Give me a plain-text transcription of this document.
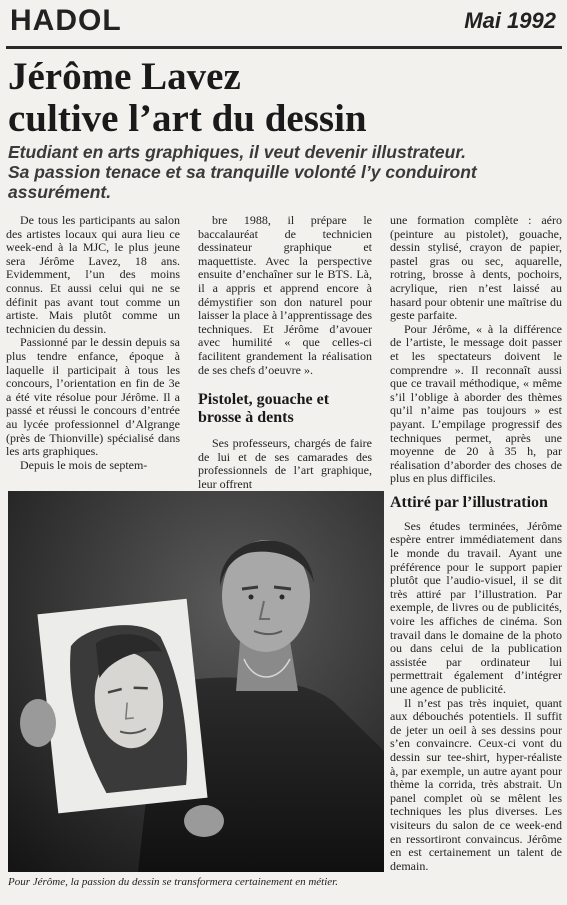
HADOL	Mai 1992
Jérôme Lavez
cultive l’art du dessin
Etudiant en arts graphiques, il veut devenir illustrateur.
Sa passion tenace et sa tranquille volonté l’y conduiront
assurément.

De tous les participants au salon des artistes locaux qui aura lieu ce week-end à la MJC, le plus jeune sera Jérôme Lavez, 18 ans. Evidemment, l’un des moins connus. Et aussi celui qui ne se définit pas avant tout comme un artiste. Mais plutôt comme un technicien du dessin.

Passionné par le dessin depuis sa plus tendre enfance, époque à laquelle il participait à tous les concours, l’orientation en fin de 3e a été vite résolue pour Jérôme. Il a passé et réussi le concours d’entrée au lycée professionnel d’Algrange (près de Thionville) spécialisé dans les arts graphiques.

Depuis le mois de septem-

bre 1988, il prépare le baccalauréat de technicien dessinateur graphique et maquettiste. Avec la perspective ensuite d’enchaîner sur le BTS. Là, il a appris et apprend encore à démystifier son don naturel pour laisser la place à l’apprentissage des techniques. Et Jérôme d’avouer avec humilité « que celles-ci facilitent grandement la réalisation de ses chefs d’oeuvre ».

Pistolet, gouache et brosse à dents

Ses professeurs, chargés de faire de lui et de ses camarades des professionnels de l’art graphique, leur offrent

une formation complète : aéro (peinture au pistolet), gouache, dessin stylisé, crayon de papier, pastel gras ou sec, aquarelle, rotring, brosse à dents, pochoirs, acrylique, rien n’est laissé au hasard pour obtenir une maîtrise du geste parfaite.

Pour Jérôme, « à la différence de l’artiste, le message doit passer et les spectateurs doivent le comprendre ». Il reconnaît aussi que ce travail méthodique, « même s’il l’oblige à aborder des thèmes qu’il n’aime pas toujours » est payant. L’empilage progressif des techniques permet, après une moyenne de 20 à 35 h, par réalisation d’aborder des choses de plus en plus difficiles.

Attiré par l’illustration

Ses études terminées, Jérôme espère entrer immédiatement dans le monde du travail. Ayant une préférence pour le support papier plutôt que l’audio-visuel, il se dit très attiré par l’illustration. Par exemple, de livres ou de publicités, voire les affiches de cinéma. Son travail dans le domaine de la photo ou dans celui de la publication assistée par ordinateur lui permettrait également d’intégrer une agence de publicité.

Il n’est pas très inquiet, quant aux débouchés potentiels. Il suffit de jeter un oeil à ses dessins pour s’en convaincre. Ceux-ci vont du dessin sur tee-shirt, hyper-réaliste à, par exemple, un autre ayant pour thème la corrida, très abstrait. Un panel complet où se mêlent les techniques les plus diverses. Les visiteurs du salon de ce week-end en ressortiront convaincus. Jérôme en est certainement un talent de demain.

Pour Jérôme, la passion du dessin se transformera certainement en métier.
